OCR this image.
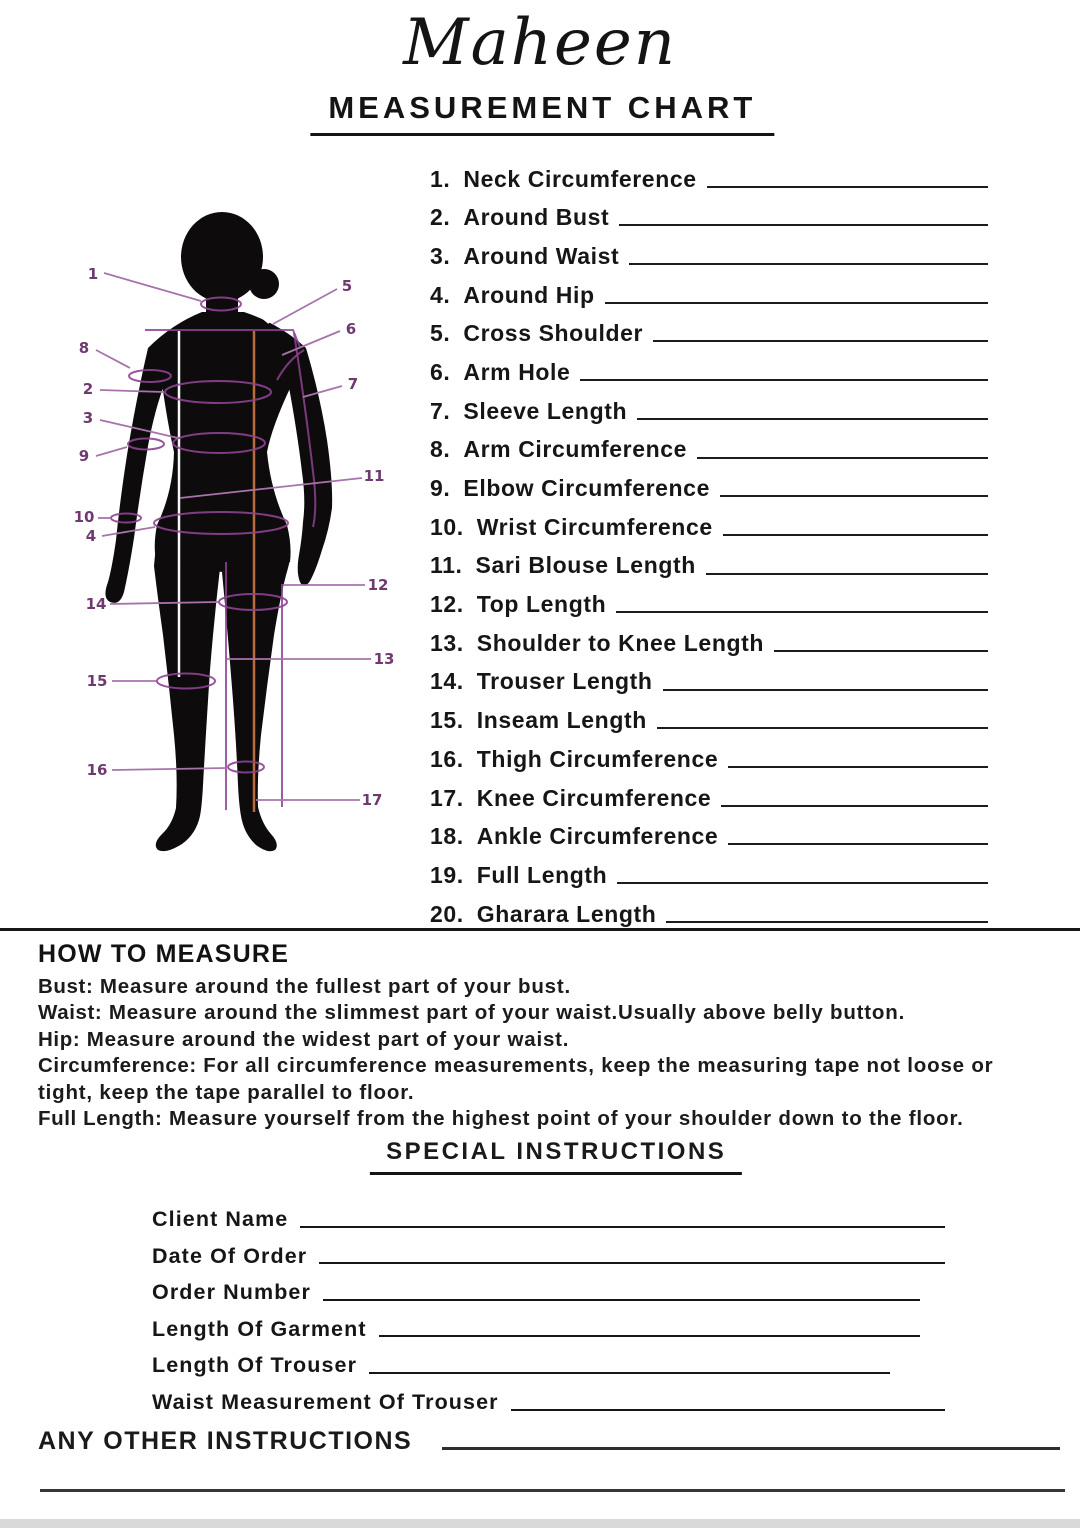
Maheen
MEASUREMENT CHART
1
5
6
8
2
3
9
7
11
10
4
14
12
13
15
16
17
1. Neck Circumference
2. Around Bust
3. Around Waist
4. Around Hip
5. Cross Shoulder
6. Arm Hole
7. Sleeve Length
8. Arm Circumference
9. Elbow Circumference
10. Wrist Circumference
11. Sari Blouse Length
12. Top Length
13. Shoulder to Knee Length
14. Trouser Length
15. Inseam Length
16. Thigh Circumference
17. Knee Circumference
18. Ankle Circumference
19. Full Length
20. Gharara Length
HOW TO MEASURE
Bust: Measure around the fullest part of your bust.
Waist: Measure around the slimmest part of your waist.Usually above belly button.
Hip: Measure around the widest part of your waist.
Circumference: For all circumference measurements, keep the measuring tape not loose or tight, keep the tape parallel to floor.
Full Length: Measure yourself from the highest point of your shoulder down to the floor.
SPECIAL INSTRUCTIONS
Client Name
Date Of Order
Order Number
Length Of Garment
Length Of Trouser
Waist Measurement Of Trouser
ANY OTHER INSTRUCTIONS
